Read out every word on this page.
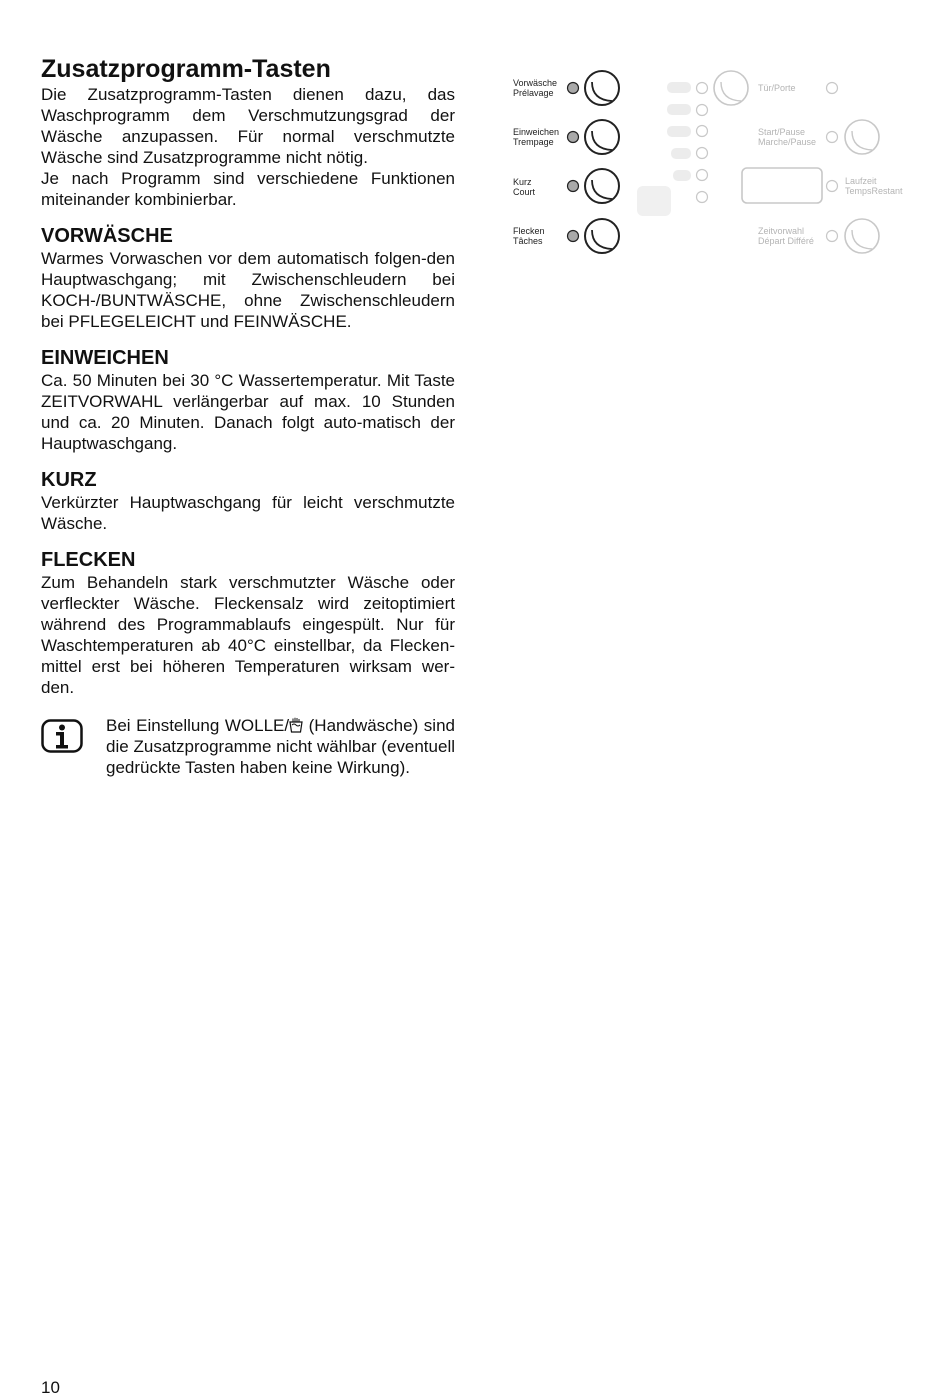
Zusatzprogramm-Tasten

Die Zusatzprogramm-Tasten dienen dazu, das Waschprogramm dem Verschmutzungsgrad der Wäsche anzupassen. Für normal verschmutzte Wäsche sind Zusatzprogramme nicht nötig.

Je nach Programm sind verschiedene Funktionen miteinander kombinierbar.

VORWÄSCHE

Warmes Vorwaschen vor dem automatisch folgen-den Hauptwaschgang; mit Zwischenschleudern bei KOCH-/BUNTWÄSCHE, ohne Zwischenschleudern bei PFLEGELEICHT und FEINWÄSCHE.

EINWEICHEN

Ca. 50 Minuten bei 30 °C Wassertemperatur. Mit Taste ZEITVORWAHL verlängerbar auf max. 10 Stunden und ca. 20 Minuten. Danach folgt auto-matisch der Hauptwaschgang.

KURZ

Verkürzter Hauptwaschgang für leicht verschmutzte Wäsche.

FLECKEN

Zum Behandeln stark verschmutzter Wäsche oder verfleckter Wäsche. Fleckensalz wird zeitoptimiert während des Programmablaufs eingespült. Nur für Waschtemperaturen ab 40°C einstellbar, da Flecken-mittel erst bei höheren Temperaturen wirksam wer-den.

Bei Einstellung WOLLE/ (Handwäsche) sind die Zusatzprogramme nicht wählbar (eventuell gedrückte Tasten haben keine Wirkung).

10
Vorwäsche
Prélavage
Einweichen
Trempage
Kurz
Court
Flecken
Tâches
Tür/Porte
Start/Pause
Marche/Pause
Laufzeit
TempsRestant
Zeitvorwahl
Départ Différé
